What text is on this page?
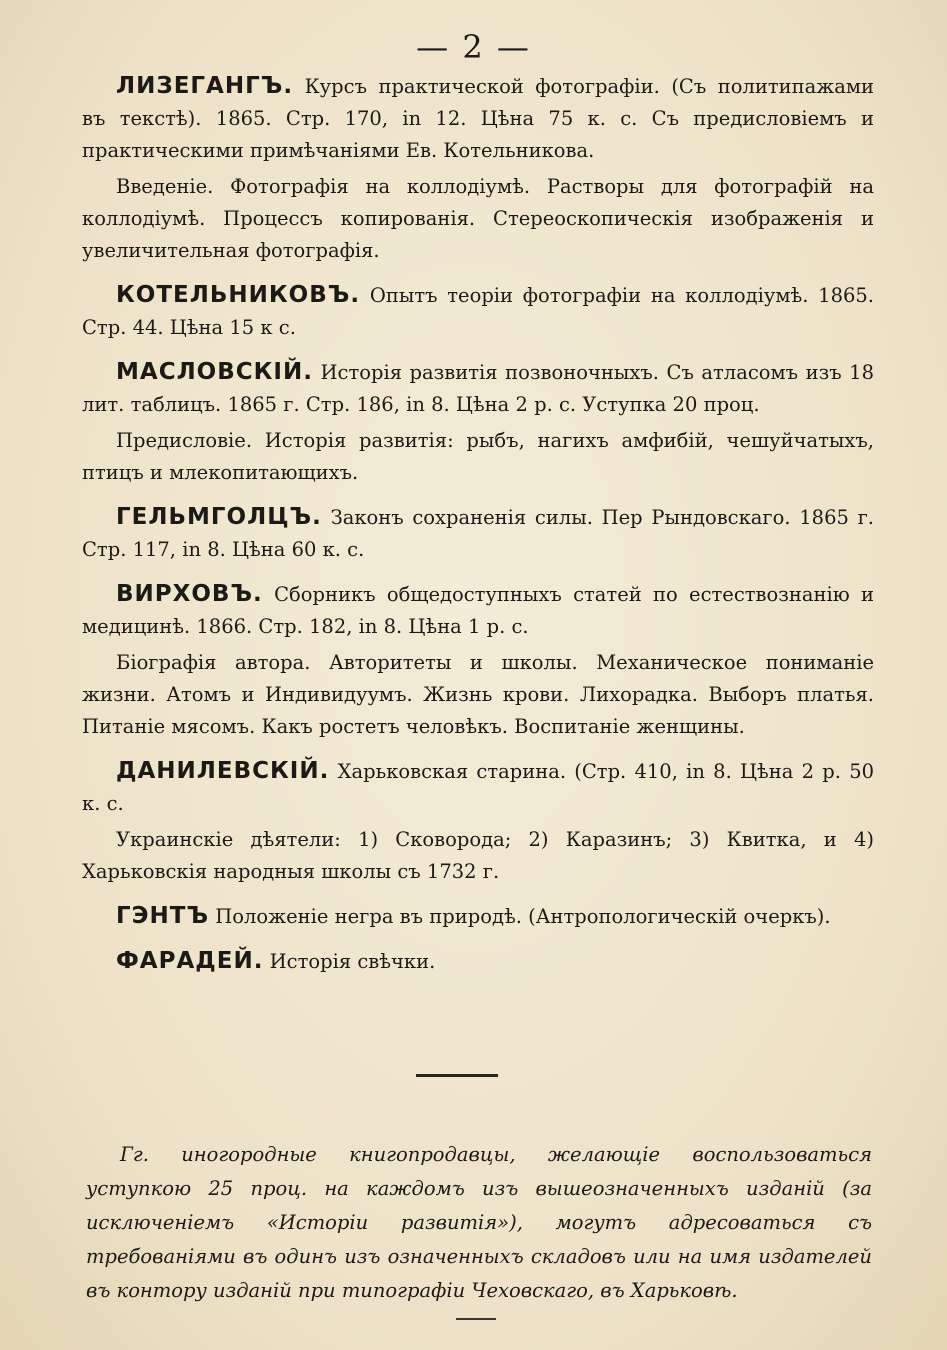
— 2 —

ЛИЗЕГАНГЪ. Курсъ практической фотографіи. (Съ политипажами въ текстѣ). 1865. Стр. 170, in 12. Цѣна 75 к. с. Съ предисловіемъ и практическими примѣчаніями Ев. Котельникова.

Введеніе. Фотографія на коллодіумѣ. Растворы для фотографій на коллодіумѣ. Процессъ копированія. Стереоскопическія изображенія и увеличительная фотографія.

КОТЕЛЬНИКОВЪ. Опытъ теоріи фотографіи на коллодіумѣ. 1865. Стр. 44. Цѣна 15 к с.

МАСЛОВСКІЙ. Исторія развитія позвоночныхъ. Съ атласомъ изъ 18 лит. таблицъ. 1865 г. Стр. 186, in 8. Цѣна 2 р. с. Уступка 20 проц.

Предисловіе. Исторія развитія: рыбъ, нагихъ амфибій, чешуйчатыхъ, птицъ и млекопитающихъ.

ГЕЛЬМГОЛЦЪ. Законъ сохраненія силы. Пер Рындовскаго. 1865 г. Стр. 117, in 8. Цѣна 60 к. с.

ВИРХОВЪ. Сборникъ общедоступныхъ статей по естествознанію и медицинѣ. 1866. Стр. 182, in 8. Цѣна 1 р. с.

Біографія автора. Авторитеты и школы. Механическое пониманіе жизни. Атомъ и Индивидуумъ. Жизнь крови. Лихорадка. Выборъ платья. Питаніе мясомъ. Какъ ростетъ человѣкъ. Воспитаніе женщины.

ДАНИЛЕВСКІЙ. Харьковская старина. (Стр. 410, in 8. Цѣна 2 р. 50 к. с.

Украинскіе дѣятели: 1) Сковорода; 2) Каразинъ; 3) Квитка, и 4) Харьковскія народныя школы съ 1732 г.

ГЭНТЪ Положеніе негра въ природѣ. (Антропологическій очеркъ).

ФАРАДЕЙ. Исторія свѣчки.

Гг. иногородные книгопродавцы, желающіе воспользоваться уступкою 25 проц. на каждомъ изъ вышеозначенныхъ изданій (за исключеніемъ «Исторіи развитія»), могутъ адресоваться съ требованіями въ одинъ изъ означенныхъ складовъ или на имя издателей въ контору изданій при типографіи Чеховскаго, въ Харьковѣ.
